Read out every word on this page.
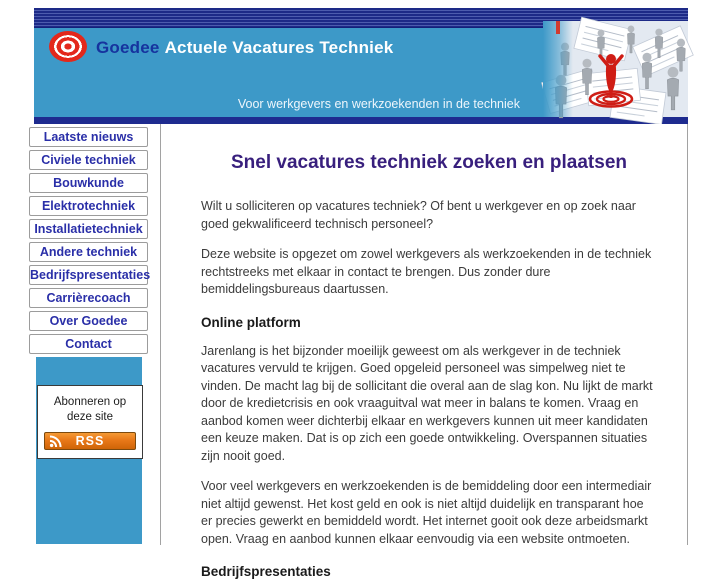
Goedee Actuele Vacatures Techniek
Voor werkgevers en werkzoekenden in de techniek
Laatste nieuws
Civiele techniek
Bouwkunde
Elektrotechniek
Installatietechniek
Andere techniek
Bedrijfspresentaties
Carrièrecoach
Over Goedee
Contact
Abonneren op
deze site
RSS
Snel vacatures techniek zoeken en plaatsen

Wilt u solliciteren op vacatures techniek? Of bent u werkgever en op zoek naar goed gekwalificeerd technisch personeel?

Deze website is opgezet om zowel werkgevers als werkzoekenden in de techniek rechtstreeks met elkaar in contact te brengen. Dus zonder dure bemiddelingsbureaus daartussen.

Online platform

Jarenlang is het bijzonder moeilijk geweest om als werkgever in de techniek vacatures vervuld te krijgen. Goed opgeleid personeel was simpelweg niet te vinden. De macht lag bij de sollicitant die overal aan de slag kon. Nu lijkt de markt door de kredietcrisis en ook vraaguitval wat meer in balans te komen. Vraag en aanbod komen weer dichterbij elkaar en werkgevers kunnen uit meer kandidaten een keuze maken. Dat is op zich een goede ontwikkeling. Overspannen situaties zijn nooit goed.

Voor veel werkgevers en werkzoekenden is de bemiddeling door een intermediair niet altijd gewenst. Het kost geld en ook is niet altijd duidelijk en transparant hoe er precies gewerkt en bemiddeld wordt. Het internet gooit ook deze arbeidsmarkt open. Vraag en aanbod kunnen elkaar eenvoudig via een website ontmoeten.

Bedrijfspresentaties
